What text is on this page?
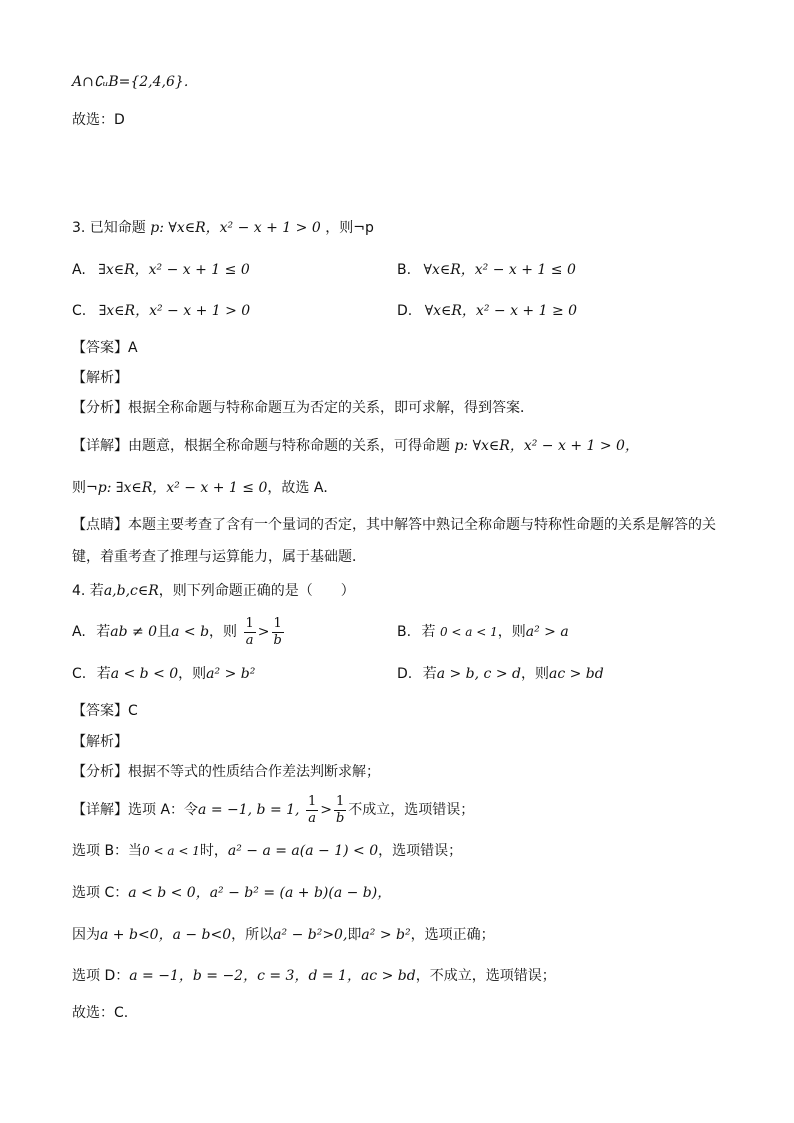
A∩∁ᵤB={2,4,6}．
故选：D
3. 已知命题 p: ∀x∈R，x² − x + 1 > 0 ，则¬p
A. ∃x∈R，x² − x + 1 ≤ 0	B. ∀x∈R，x² − x + 1 ≤ 0
C. ∃x∈R，x² − x + 1 > 0	D. ∀x∈R，x² − x + 1 ≥ 0
【答案】A
【解析】
【分析】根据全称命题与特称命题互为否定的关系，即可求解，得到答案．
【详解】由题意，根据全称命题与特称命题的关系，可得命题 p: ∀x∈R，x² − x + 1 > 0，
则¬p: ∃x∈R，x² − x + 1 ≤ 0，故选 A．
【点睛】本题主要考查了含有一个量词的否定，其中解答中熟记全称命题与特称性命题的关系是解答的关
键，着重考查了推理与运算能力，属于基础题．
4. 若a,b,c∈R，则下列命题正确的是（　　）
A. 若ab ≠ 0且a < b，则 $\frac{1}{a} > \frac{1}{b}$	B. 若 0 < a < 1，则a² > a
C. 若a < b < 0，则a² > b²	D. 若a > b, c > d，则ac > bd
【答案】C
【解析】
【分析】根据不等式的性质结合作差法判断求解；
【详解】选项 A：令a = −1, b = 1, $\frac{1}{a} > \frac{1}{b}$ 不成立，选项错误；
选项 B：当0 < a < 1时，a² − a = a(a − 1) < 0，选项错误；
选项 C：a < b < 0，a² − b² = (a + b)(a − b)，
因为a + b<0，a − b<0，所以a² − b²>0,即a² > b²，选项正确；
选项 D：a = −1，b = −2，c = 3，d = 1，ac > bd，不成立，选项错误；
故选：C.
